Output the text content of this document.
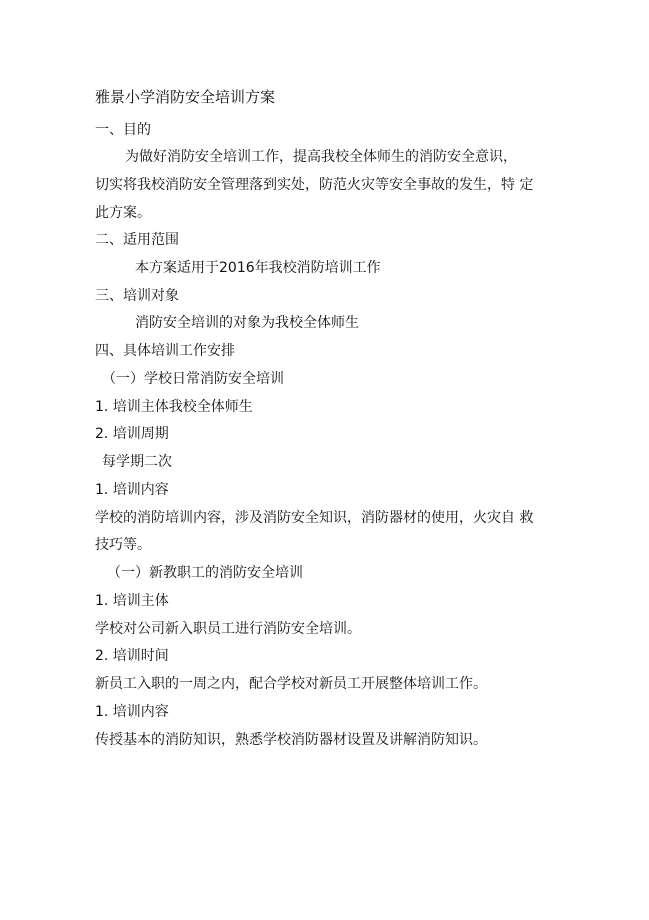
雅景小学消防安全培训方案
一、目的
为做好消防安全培训工作，提高我校全体师生的消防安全意识，
切实将我校消防安全管理落到实处，防范火灾等安全事故的发生，特 定
此方案。
二、适用范围
本方案适用于2016年我校消防培训工作
三、培训对象
消防安全培训的对象为我校全体师生
四、具体培训工作安排
（一）学校日常消防安全培训
1. 培训主体我校全体师生
2. 培训周期
每学期二次
1. 培训内容
学校的消防培训内容，涉及消防安全知识，消防器材的使用，火灾自 救
技巧等。
（一）新教职工的消防安全培训
1. 培训主体
学校对公司新入职员工进行消防安全培训。
2. 培训时间
新员工入职的一周之内，配合学校对新员工开展整体培训工作。
1. 培训内容
传授基本的消防知识，熟悉学校消防器材设置及讲解消防知识。
